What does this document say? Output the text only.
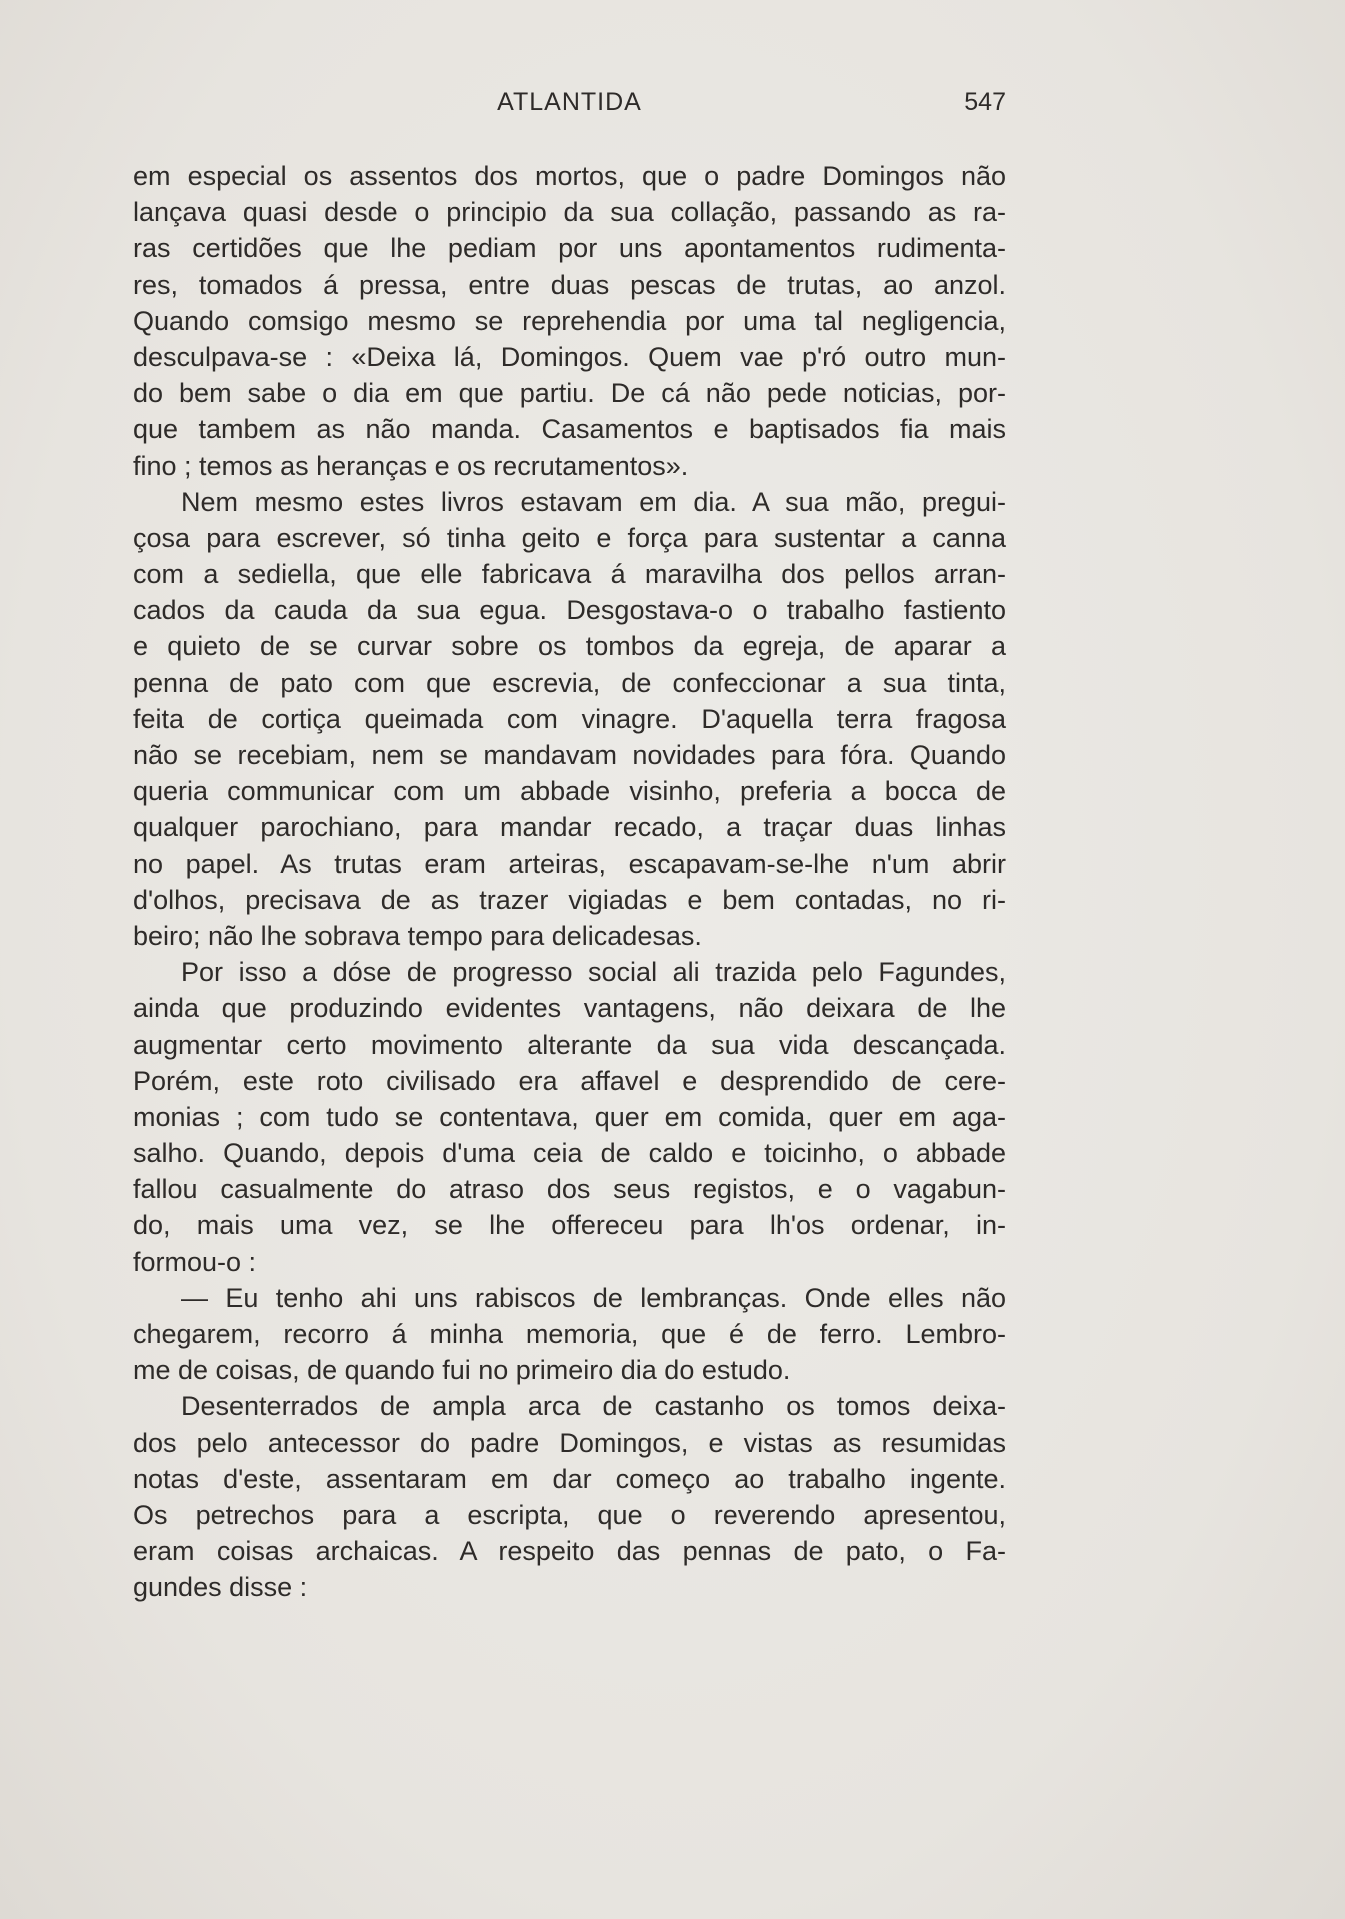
ATLANTIDA	547
em especial os assentos dos mortos, que o padre Domingos não
lançava quasi desde o principio da sua collação, passando as ra-
ras certidões que lhe pediam por uns apontamentos rudimenta-
res, tomados á pressa, entre duas pescas de trutas, ao anzol.
Quando comsigo mesmo se reprehendia por uma tal negligencia,
desculpava-se : «Deixa lá, Domingos. Quem vae p'ró outro mun-
do bem sabe o dia em que partiu. De cá não pede noticias, por-
que tambem as não manda. Casamentos e baptisados fia mais
fino ; temos as heranças e os recrutamentos».
Nem mesmo estes livros estavam em dia. A sua mão, pregui-
çosa para escrever, só tinha geito e força para sustentar a canna
com a sediella, que elle fabricava á maravilha dos pellos arran-
cados da cauda da sua egua. Desgostava-o o trabalho fastiento
e quieto de se curvar sobre os tombos da egreja, de aparar a
penna de pato com que escrevia, de confeccionar a sua tinta,
feita de cortiça queimada com vinagre. D'aquella terra fragosa
não se recebiam, nem se mandavam novidades para fóra. Quando
queria communicar com um abbade visinho, preferia a bocca de
qualquer parochiano, para mandar recado, a traçar duas linhas
no papel. As trutas eram arteiras, escapavam-se-lhe n'um abrir
d'olhos, precisava de as trazer vigiadas e bem contadas, no ri-
beiro; não lhe sobrava tempo para delicadesas.
Por isso a dóse de progresso social ali trazida pelo Fagundes,
ainda que produzindo evidentes vantagens, não deixara de lhe
augmentar certo movimento alterante da sua vida descançada.
Porém, este roto civilisado era affavel e desprendido de cere-
monias ; com tudo se contentava, quer em comida, quer em aga-
salho. Quando, depois d'uma ceia de caldo e toicinho, o abbade
fallou casualmente do atraso dos seus registos, e o vagabun-
do, mais uma vez, se lhe offereceu para lh'os ordenar, in-
formou-o :
— Eu tenho ahi uns rabiscos de lembranças. Onde elles não
chegarem, recorro á minha memoria, que é de ferro. Lembro-
me de coisas, de quando fui no primeiro dia do estudo.
Desenterrados de ampla arca de castanho os tomos deixa-
dos pelo antecessor do padre Domingos, e vistas as resumidas
notas d'este, assentaram em dar começo ao trabalho ingente.
Os petrechos para a escripta, que o reverendo apresentou,
eram coisas archaicas. A respeito das pennas de pato, o Fa-
gundes disse :
